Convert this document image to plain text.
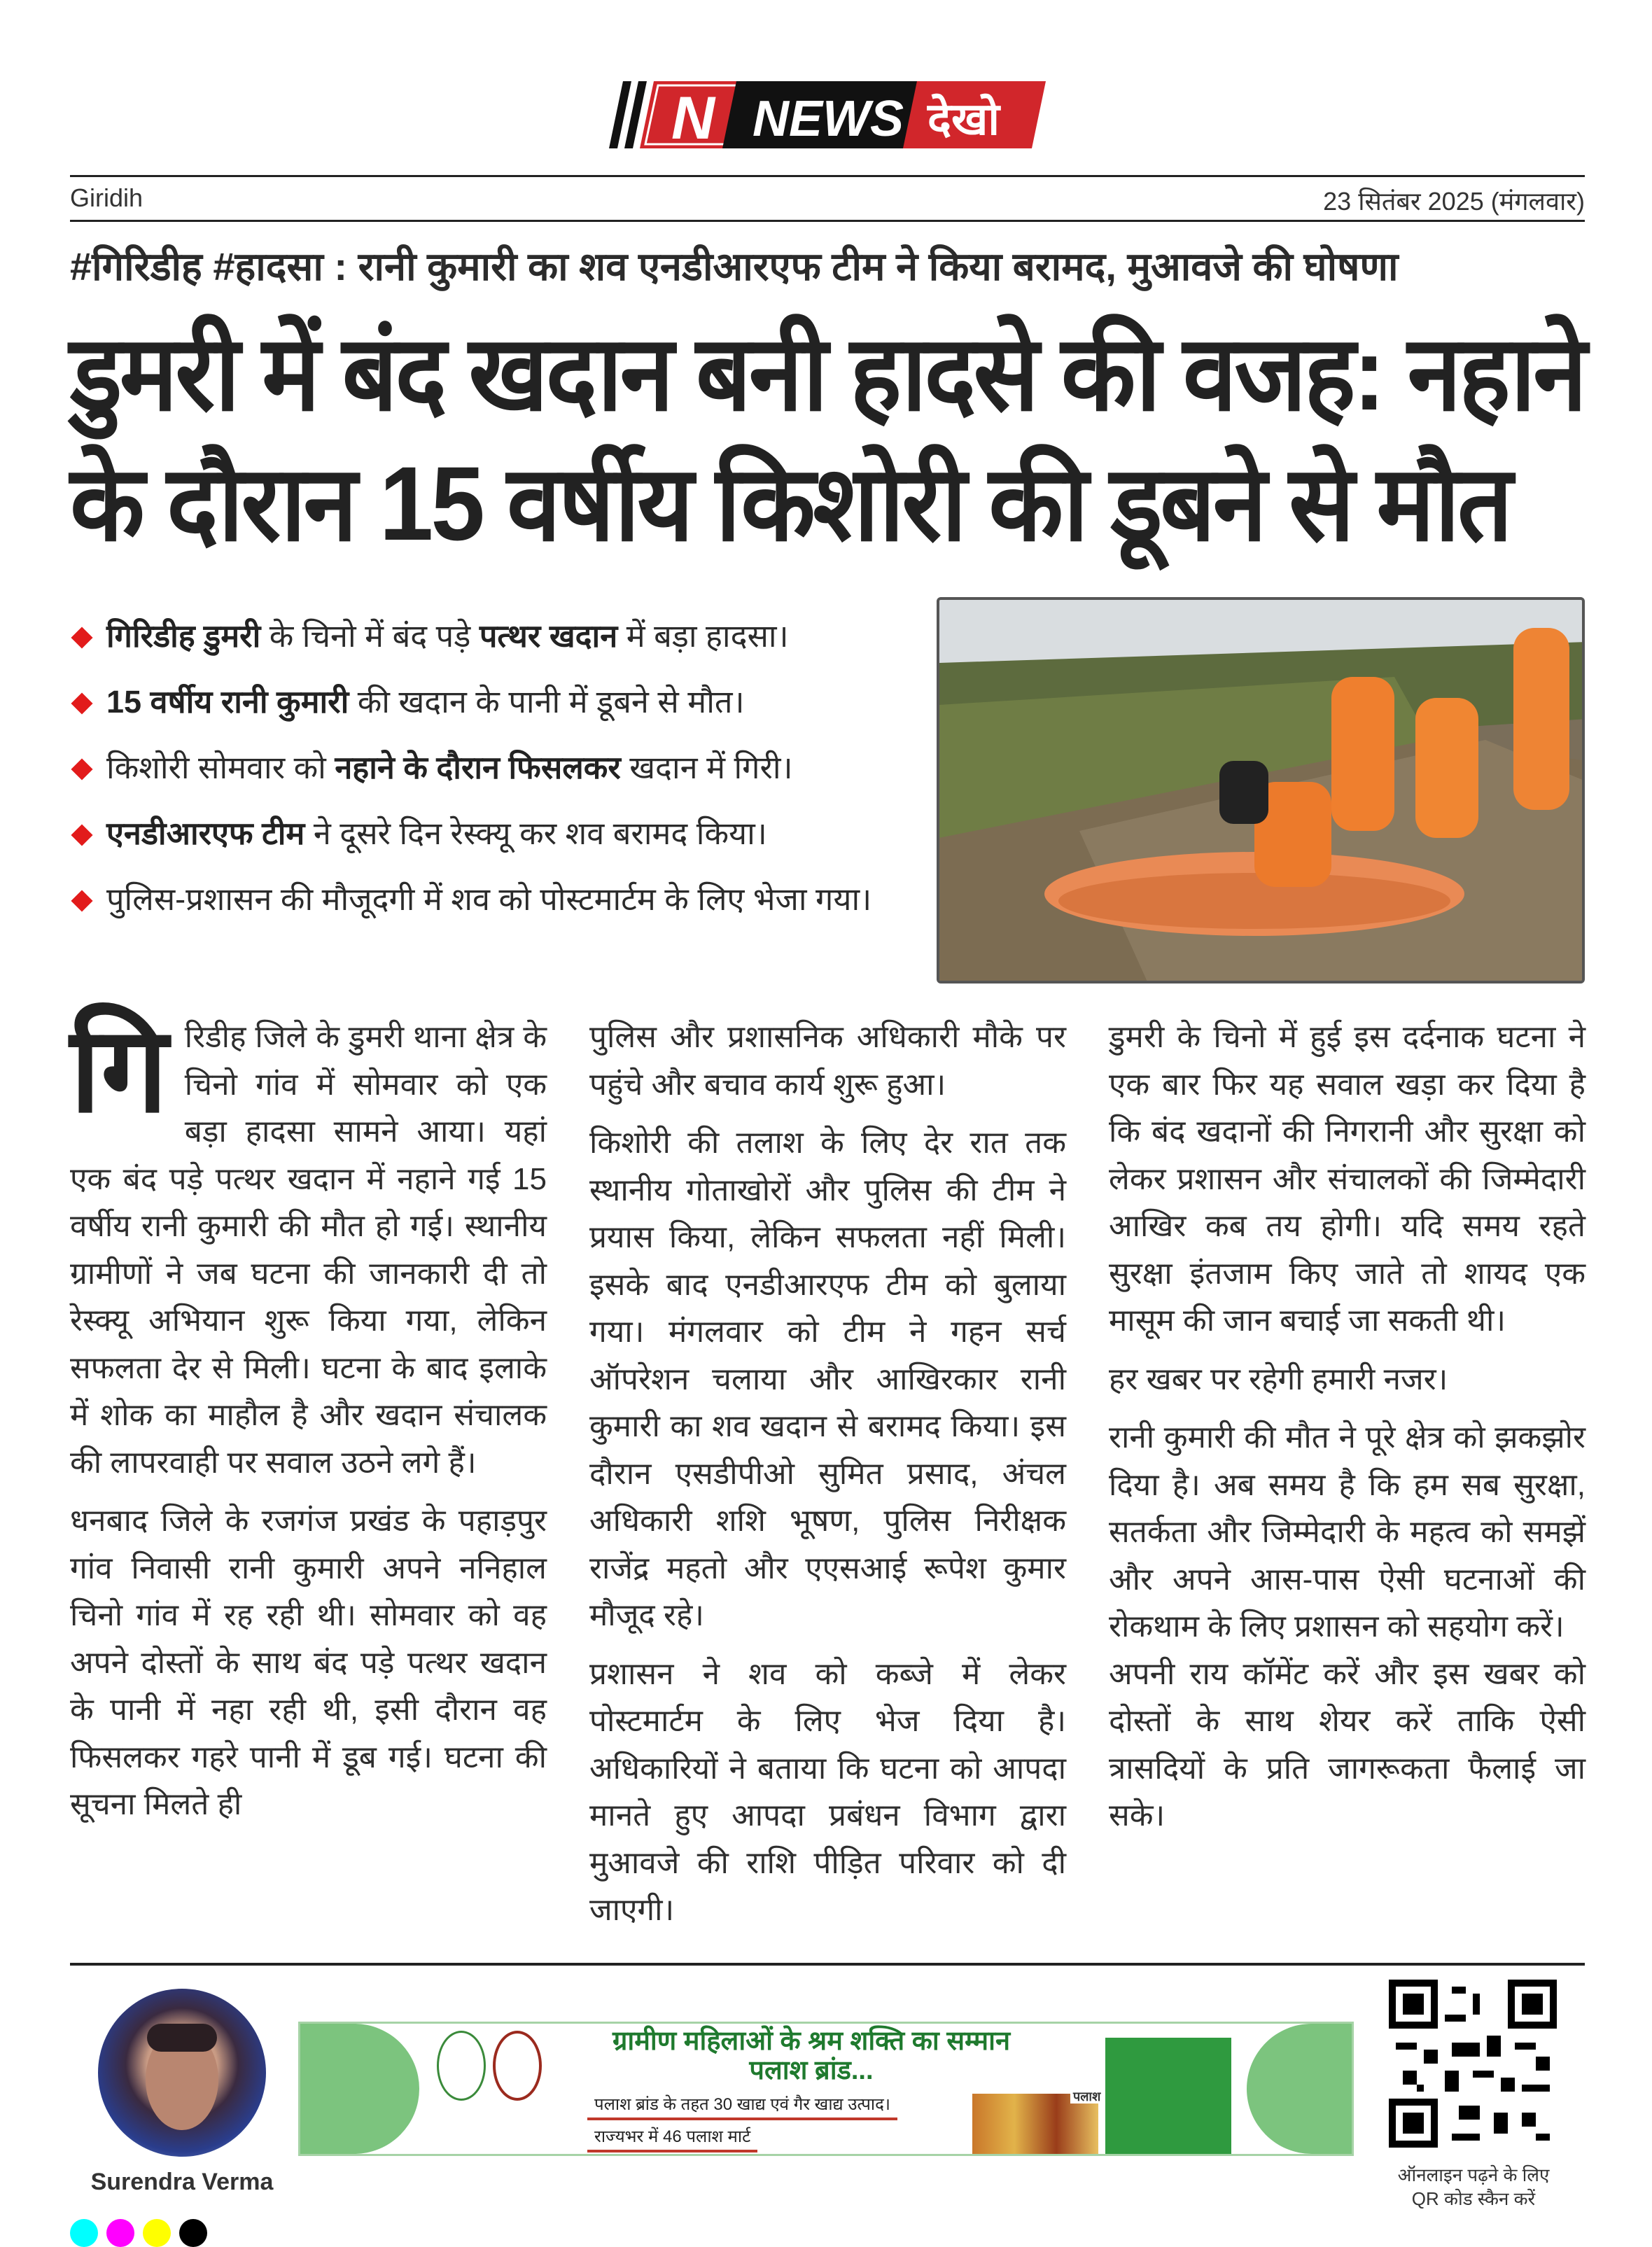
N NEWS देखो
Giridih	23 सितंबर 2025 (मंगलवार)
#गिरिडीह #हादसा : रानी कुमारी का शव एनडीआरएफ टीम ने किया बरामद, मुआवजे की घोषणा
डुमरी में बंद खदान बनी हादसे की वजह: नहाने के दौरान 15 वर्षीय किशोरी की डूबने से मौत
गिरिडीह डुमरी के चिनो में बंद पड़े पत्थर खदान में बड़ा हादसा।
15 वर्षीय रानी कुमारी की खदान के पानी में डूबने से मौत।
किशोरी सोमवार को नहाने के दौरान फिसलकर खदान में गिरी।
एनडीआरएफ टीम ने दूसरे दिन रेस्क्यू कर शव बरामद किया।
पुलिस-प्रशासन की मौजूदगी में शव को पोस्टमार्टम के लिए भेजा गया।

गिरिडीह जिले के डुमरी थाना क्षेत्र के चिनो गांव में सोमवार को एक बड़ा हादसा सामने आया। यहां एक बंद पड़े पत्थर खदान में नहाने गई 15 वर्षीय रानी कुमारी की मौत हो गई। स्थानीय ग्रामीणों ने जब घटना की जानकारी दी तो रेस्क्यू अभियान शुरू किया गया, लेकिन सफलता देर से मिली। घटना के बाद इलाके में शोक का माहौल है और खदान संचालक की लापरवाही पर सवाल उठने लगे हैं।

धनबाद जिले के रजगंज प्रखंड के पहाड़पुर गांव निवासी रानी कुमारी अपने ननिहाल चिनो गांव में रह रही थी। सोमवार को वह अपने दोस्तों के साथ बंद पड़े पत्थर खदान के पानी में नहा रही थी, इसी दौरान वह फिसलकर गहरे पानी में डूब गई। घटना की सूचना मिलते ही

पुलिस और प्रशासनिक अधिकारी मौके पर पहुंचे और बचाव कार्य शुरू हुआ।

किशोरी की तलाश के लिए देर रात तक स्थानीय गोताखोरों और पुलिस की टीम ने प्रयास किया, लेकिन सफलता नहीं मिली। इसके बाद एनडीआरएफ टीम को बुलाया गया। मंगलवार को टीम ने गहन सर्च ऑपरेशन चलाया और आखिरकार रानी कुमारी का शव खदान से बरामद किया। इस दौरान एसडीपीओ सुमित प्रसाद, अंचल अधिकारी शशि भूषण, पुलिस निरीक्षक राजेंद्र महतो और एएसआई रूपेश कुमार मौजूद रहे।

प्रशासन ने शव को कब्जे में लेकर पोस्टमार्टम के लिए भेज दिया है। अधिकारियों ने बताया कि घटना को आपदा मानते हुए आपदा प्रबंधन विभाग द्वारा मुआवजे की राशि पीड़ित परिवार को दी जाएगी।

डुमरी के चिनो में हुई इस दर्दनाक घटना ने एक बार फिर यह सवाल खड़ा कर दिया है कि बंद खदानों की निगरानी और सुरक्षा को लेकर प्रशासन और संचालकों की जिम्मेदारी आखिर कब तय होगी। यदि समय रहते सुरक्षा इंतजाम किए जाते तो शायद एक मासूम की जान बचाई जा सकती थी।

हर खबर पर रहेगी हमारी नजर।

रानी कुमारी की मौत ने पूरे क्षेत्र को झकझोर दिया है। अब समय है कि हम सब सुरक्षा, सतर्कता और जिम्मेदारी के महत्व को समझें और अपने आस-पास ऐसी घटनाओं की रोकथाम के लिए प्रशासन को सहयोग करें।

अपनी राय कॉमेंट करें और इस खबर को दोस्तों के साथ शेयर करें ताकि ऐसी त्रासदियों के प्रति जागरूकता फैलाई जा सके।

Surendra Verma
ग्रामीण महिलाओं के श्रम शक्ति का सम्मान
पलाश ब्रांड...
पलाश ब्रांड के तहत 30 खाद्य एवं गैर खाद्य उत्पाद।
राज्यभर में 46 पलाश मार्ट
पलाश
ऑनलाइन पढ़ने के लिए
QR कोड स्कैन करें
